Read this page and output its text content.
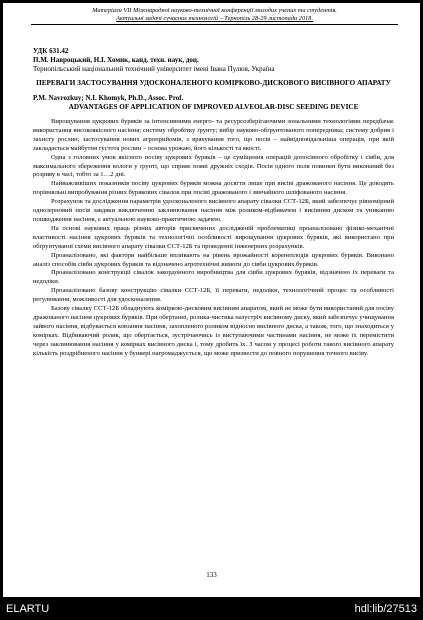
Матеріали VII Міжнародної науково-технічної конференції молодих учених та студентів.
Актуальні задачі сучасних технологій – Тернопіль 28-29 листопада 2018.
УДК 631.42
П.М. Навроцький, Н.І. Хомик, канд. техн. наук, доц.
Тернопільський національний технічний університет імені Івана Пулюя, Україна
ПЕРЕВАГИ ЗАСТОСУВАННЯ УДОСКОНАЛЕНОГО КОМІРКОВО-ДИСКОВОГО ВИСІВНОГО АПАРАТУ
P.M. Navrozkuy; N.I. Khomyk, Ph.D., Assoc. Prof.
ADVANTAGES OF APPLICATION OF IMPROVED ALVEOLAR-DISC SEEDING DEVICE

Вирощування цукрових буряків за інтенсивними енерго- та ресурсозберігаючими зональними технологіями передбачає використання високоякісного насіння; систему обробітку ґрунту; вибір науково-обґрунтованого попередника; систему добрив і захисту рослин; застосування нових агроприйомів, з врахування того, що посів – найвідповідальніша операція, при якій закладається майбутня густота рослин – основа урожаю, його кількості та якості.

Одна з головних умов якісного посіву цукрових буряків – це суміщення операцій допосівного обробітку і сівби, для максимального збереження вологи у ґрунті, що сприяє появі дружніх сходів. Посів одного поля повинен бути виконаний без розриву в часі, тобто за 1…2 дні.

Найважливіших показників посіву цукрових буряків можна досягти лише при висіві дражованого насіння. Це доводять порівняльні випробування різних бурякових сівалок при посіві дражованого і звичайного шліфованого насіння.

Розрахунок та дослідження параметрів удосконаленого висівного апарату сівалки ССТ-12Б, який забезпечує рівномірний однозерновий посів завдяки виключенню заклинювання насіння між роликом-відбивачем і висівним диском та униканню пошкодження насіння, є актуальною науково-практичною задачею.

На основі наукових праць різних авторів присвячених дослідженій проблематиці проаналізовано фізико-механічні властивості насіння цукрових буряків та технологічні особливості вирощування цукрових буряків, які використано при обґрунтуванні схеми висівного апарату сівалки ССТ-12Б та проведенні інженерних розрахунків.

Проаналізовано, які фактори найбільше впливають на рівень врожайності коренеплодів цукрових буряків. Виконано аналіз способів сівби цукрових буряків та відзначено агротехнічні вимоги до сівби цукрових буряків.

Проаналізовано конструкції сівалок закордонного виробництва для сівби цукрових буряків, відзначено їх переваги та недоліки.

Проаналізовано базову конструкцію сівалки ССТ-12Б, її переваги, недоліки, технологічний процес та особливості регулювання, можливості для удосконалення.

Базову сівалку ССТ-12Б обладнують коміркою-дисковим висівним апаратом, який не може бути використаний для посіву дражованого насіння цукрових буряків. При обертанні, ролика-чистика назустріч висівному диску, який забезпечує учищування зайвого насіння, відбувається ковзання насіння, захопленого роликом відносно висівного диска, а також, того, що знаходиться у комірках. Відбиваючий ролик, що обертається, зустрічаючись із виступаючими частинами насіння, не може їх перемістити через заклинювання насіння у комірках висівного диска і, тому дробить їх. З часом у процесі роботи такого висівного апарату кількість роздрібненого насіння у бункері нагромаджується, що може призвести до повного порушення точного висіву.

133
ELARTU	hdl:lib/27513
